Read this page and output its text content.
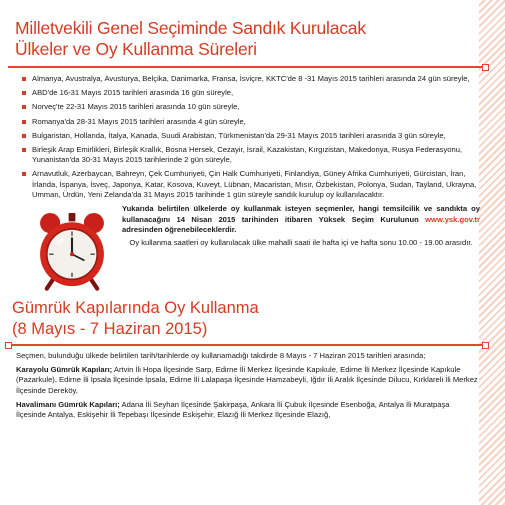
Milletvekili Genel Seçiminde Sandık Kurulacak
Ülkeler ve Oy Kullanma Süreleri
Almanya, Avustralya, Avusturya, Belçika, Danimarka, Fransa, İsviçre, KKTC'de 8 -31 Mayıs 2015 tarihleri arasında 24 gün süreyle,
ABD'de 16-31 Mayıs 2015 tarihleri arasında 16 gün süreyle,
Norveç'te 22-31 Mayıs 2015 tarihleri arasında 10 gün süreyle,
Romanya'da 28-31 Mayıs 2015 tarihleri arasında 4 gün süreyle,
Bulgaristan, Hollanda, İtalya, Kanada, Suudi Arabistan, Türkmenistan'da 29-31 Mayıs 2015 tarihleri arasında 3 gün süreyle,
Birleşik Arap Emirlikleri, Birleşik Krallık, Bosna Hersek, Cezayir, İsrail, Kazakistan, Kırgızistan, Makedonya, Rusya Federasyonu, Yunanistan'da 30-31 Mayıs 2015 tarihlerinde 2 gün süreyle,
Arnavutluk, Azerbaycan, Bahreyn, Çek Cumhuriyeti, Çin Halk Cumhuriyeti, Finlandiya, Güney Afrika Cumhuriyeti, Gürcistan, İran, İrlanda, İspanya, İsveç, Japonya, Katar, Kosova, Kuveyt, Lübnan, Macaristan, Mısır, Özbekistan, Polonya, Sudan, Tayland, Ukrayna, Umman, Ürdün, Yeni Zelanda'da 31 Mayıs 2015 tarihinde 1 gün süreyle sandık kurulup oy kullanılacaktır.
Yukarıda belirtilen ülkelerde oy kullanmak isteyen seçmenler, hangi temsilcilik ve sandıkta oy kullanacağını 14 Nisan 2015 tarihinden itibaren Yüksek Seçim Kurulunun www.ysk.gov.tr adresinden öğrenebileceklerdir.
Oy kullanma saatleri oy kullanılacak ülke mahalli saati ile hafta içi ve hafta sonu 10.00 - 19.00 arasıdır.
Gümrük Kapılarında Oy Kullanma
(8 Mayıs - 7 Haziran 2015)

Seçmen, bulunduğu ülkede belirtilen tarih/tarihlerde oy kullanamadığı takdirde 8 Mayıs - 7 Haziran 2015 tarihleri arasında;

Karayolu Gümrük Kapıları; Artvin İli Hopa İlçesinde Sarp, Edirne İli Merkez İlçesinde Kapıkule, Edirne İli Merkez İlçesinde Kapıkule (Pazarkule), Edirne İli İpsala İlçesinde İpsala, Edirne İli Lalapaşa İlçesinde Hamzabeyli, Iğdır İli Aralık İlçesinde Dilucu, Kırklareli İli Merkez İlçesinde Dereköy,

Havalimanı Gümrük Kapıları; Adana İli Seyhan İlçesinde Şakirpaşa, Ankara İli Çubuk İlçesinde Esenboğa, Antalya İli Muratpaşa İlçesinde Antalya, Eskişehir İli Tepebaşı İlçesinde Eskişehir, Elazığ İli Merkez İlçesinde Elazığ,
